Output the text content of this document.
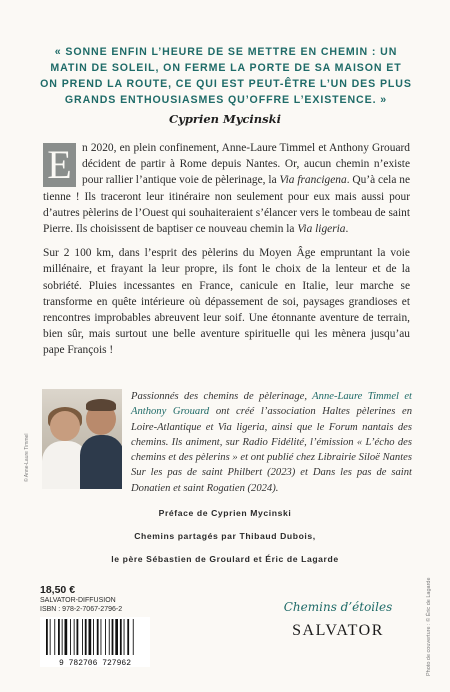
« SONNE ENFIN L’HEURE DE SE METTRE EN CHEMIN : UN MATIN DE SOLEIL, ON FERME LA PORTE DE SA MAISON ET ON PREND LA ROUTE, CE QUI EST PEUT-ÊTRE L’UN DES PLUS GRANDS ENTHOUSIASMES QU’OFFRE L’EXISTENCE. »
Cyprien Mycinski

E n 2020, en plein confinement, Anne-Laure Timmel et Anthony Grouard décident de partir à Rome depuis Nantes. Or, aucun chemin n’existe pour rallier l’antique voie de pèlerinage, la Via francigena. Qu’à cela ne tienne ! Ils traceront leur itinéraire non seulement pour eux mais aussi pour d’autres pèlerins de l’Ouest qui souhaiteraient s’élancer vers le tombeau de saint Pierre. Ils choisissent de baptiser ce nouveau chemin la Via ligeria.

Sur 2 100 km, dans l’esprit des pèlerins du Moyen Âge empruntant la voie millénaire, et frayant la leur propre, ils font le choix de la lenteur et de la sobriété. Pluies incessantes en France, canicule en Italie, leur marche se transforme en quête intérieure où dépassement de soi, paysages grandioses et rencontres improbables abreuvent leur soif. Une étonnante aventure de terrain, bien sûr, mais surtout une belle aventure spirituelle qui les mènera jusqu’au pape François !

© Anne-Laure Timmel
Passionnés des chemins de pèlerinage, Anne-Laure Timmel et Anthony Grouard ont créé l’association Haltes pèlerines en Loire-Atlantique et Via ligeria, ainsi que le Forum nantais des chemins. Ils animent, sur Radio Fidélité, l’émission « L’écho des chemins et des pèlerins » et ont publié chez Librairie Siloë Nantes Sur les pas de saint Philbert (2023) et Dans les pas de saint Donatien et saint Rogatien (2024).
Préface de Cyprien Mycinski
Chemins partagés par Thibaud Dubois,
le père Sébastien de Groulard et Éric de Lagarde
18,50 €
SALVATOR-DIFFUSION
ISBN : 978-2-7067-2796-2
9 782706 727962
Chemins d’étoiles
SALVATOR	Photo de couverture : © Éric de Lagarde
